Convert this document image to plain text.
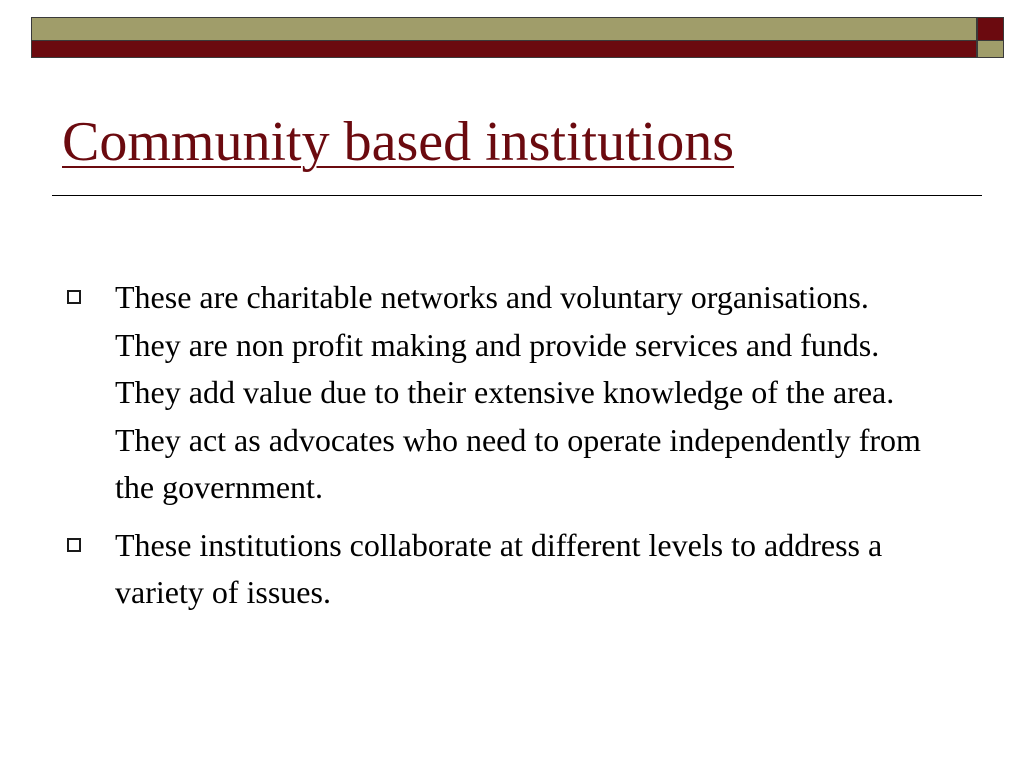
Community based institutions
These are charitable networks and voluntary organisations. They are non profit making and provide services and funds. They add value due to their extensive knowledge of the area. They act as advocates who need to operate independently from the government.
These institutions collaborate at different levels to address a variety of issues.
